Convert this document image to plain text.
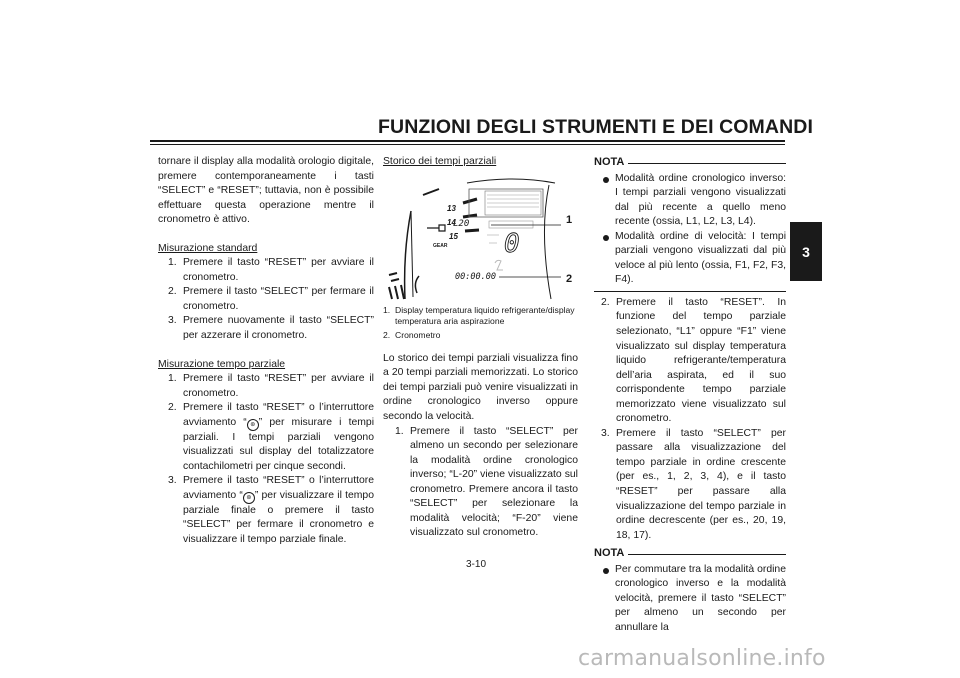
FUNZIONI DEGLI STRUMENTI E DEI COMANDI
3

tornare il display alla modalità orologio digitale, premere contemporaneamente i tasti “SELECT” e “RESET”; tuttavia, non è possibile effettuare questa operazione mentre il cronometro è attivo.

Misurazione standard

1. Premere il tasto “RESET” per avviare il cronometro.
2. Premere il tasto “SELECT” per fermare il cronometro.
3. Premere nuovamente il tasto “SELECT” per azzerare il cronometro.

Misurazione tempo parziale

1. Premere il tasto “RESET” per avviare il cronometro.
2. Premere il tasto “RESET” o l’interruttore avviamento “ ⊛ ” per misurare i tempi parziali. I tempi parziali vengono visualizzati sul display del totalizzatore contachilometri per cinque secondi.
3. Premere il tasto “RESET” o l’interruttore avviamento “ ⊛ ” per visualizzare il tempo parziale finale o premere il tasto “SELECT” per fermare il cronometro e visualizzare il tempo parziale finale.

Storico dei tempi parziali

13
14
15
GEAR
L20
0
00:00.00
1
2
1. Display temperatura liquido refrigerante/display temperatura aria aspirazione
2. Cronometro

Lo storico dei tempi parziali visualizza fino a 20 tempi parziali memorizzati. Lo storico dei tempi parziali può venire visualizzati in ordine cronologico inverso oppure secondo la velocità.

1. Premere il tasto “SELECT” per almeno un secondo per selezionare la modalità ordine cronologico inverso; “L-20” viene visualizzato sul cronometro. Premere ancora il tasto “SELECT” per selezionare la modalità velocità; “F-20” viene visualizzato sul cronometro.
NOTA
Modalità ordine cronologico inverso: I tempi parziali vengono visualizzati dal più recente a quello meno recente (ossia, L1, L2, L3, L4).
Modalità ordine di velocità: I tempi parziali vengono visualizzati dal più veloce al più lento (ossia, F1, F2, F3, F4).
2. Premere il tasto “RESET”. In funzione del tempo parziale selezionato, “L1” oppure “F1” viene visualizzato sul display temperatura liquido refrigerante/temperatura dell’aria aspirata, ed il suo corrispondente tempo parziale memorizzato viene visualizzato sul cronometro.
3. Premere il tasto “SELECT” per passare alla visualizzazione del tempo parziale in ordine crescente (per es., 1, 2, 3, 4), e il tasto “RESET” per passare alla visualizzazione del tempo parziale in ordine decrescente (per es., 20, 19, 18, 17).
NOTA
Per commutare tra la modalità ordine cronologico inverso e la modalità velocità, premere il tasto “SELECT” per almeno un secondo per annullare la
3-10
carmanualsonline.info
